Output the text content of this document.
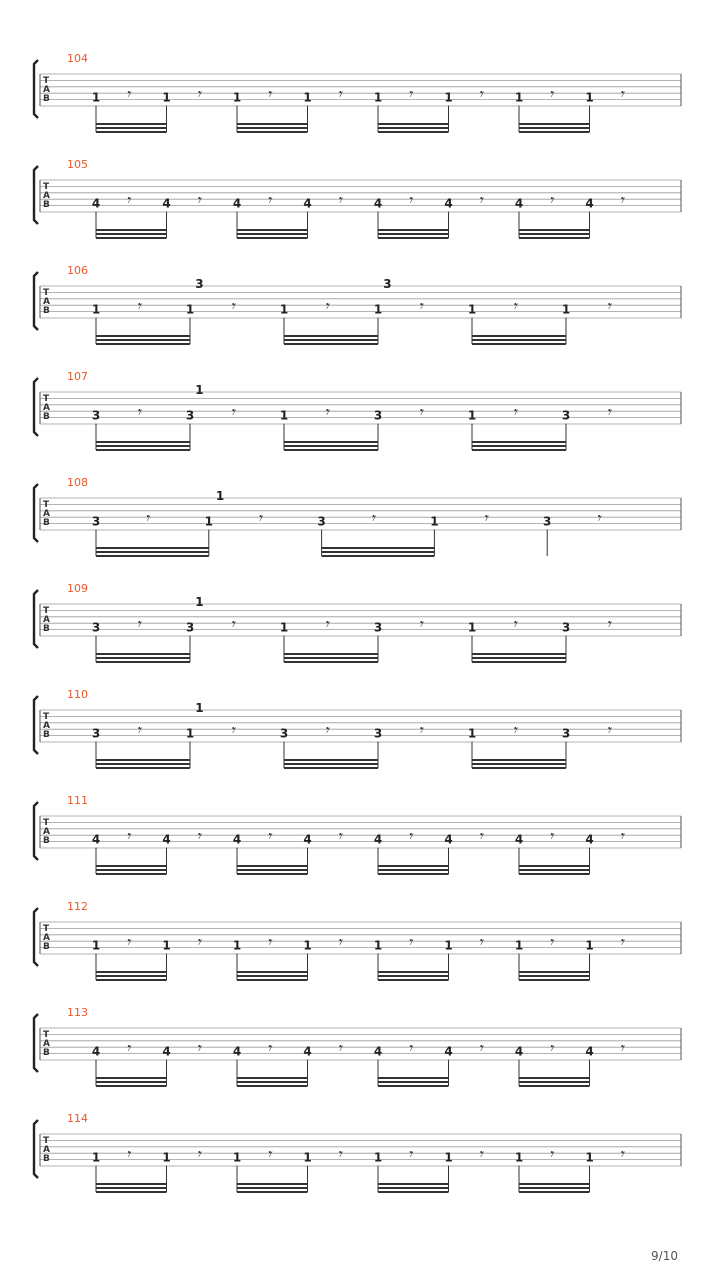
T
A
B
104
1 𝄾	1 𝄾	1 𝄾	1 𝄾	1 𝄾	1 𝄾	1 𝄾	1 𝄾
T
A
B
105
4 𝄾	4 𝄾	4 𝄾	4 𝄾	4 𝄾	4 𝄾	4 𝄾	4 𝄾
T
A
B
106
1 𝄾	1 𝄾	1 𝄾	1 𝄾	1 𝄾	1 𝄾
3	3
T
A
B
107
3 𝄾	3 𝄾	1 𝄾	3 𝄾	1 𝄾	3 𝄾
1
T
A
B
108
3	𝄾	1	𝄾	3	𝄾	1	𝄾	3	𝄾
1
T
A
B
109
3 𝄾	3 𝄾	1 𝄾	3 𝄾	1 𝄾	3 𝄾
1
T
A
B
110
3 𝄾	1 𝄾	3 𝄾	3 𝄾	1 𝄾	3 𝄾
1
T
A
B
111
4 𝄾	4 𝄾	4 𝄾	4 𝄾	4 𝄾	4 𝄾	4 𝄾	4 𝄾
T
A
B
112
1 𝄾	1 𝄾	1 𝄾	1 𝄾	1 𝄾	1 𝄾	1 𝄾	1 𝄾
T
A
B
113
4 𝄾	4 𝄾	4 𝄾	4 𝄾	4 𝄾	4 𝄾	4 𝄾	4 𝄾
T
A
B
114
1 𝄾	1 𝄾	1 𝄾	1 𝄾	1 𝄾	1 𝄾	1 𝄾	1 𝄾
9/10
